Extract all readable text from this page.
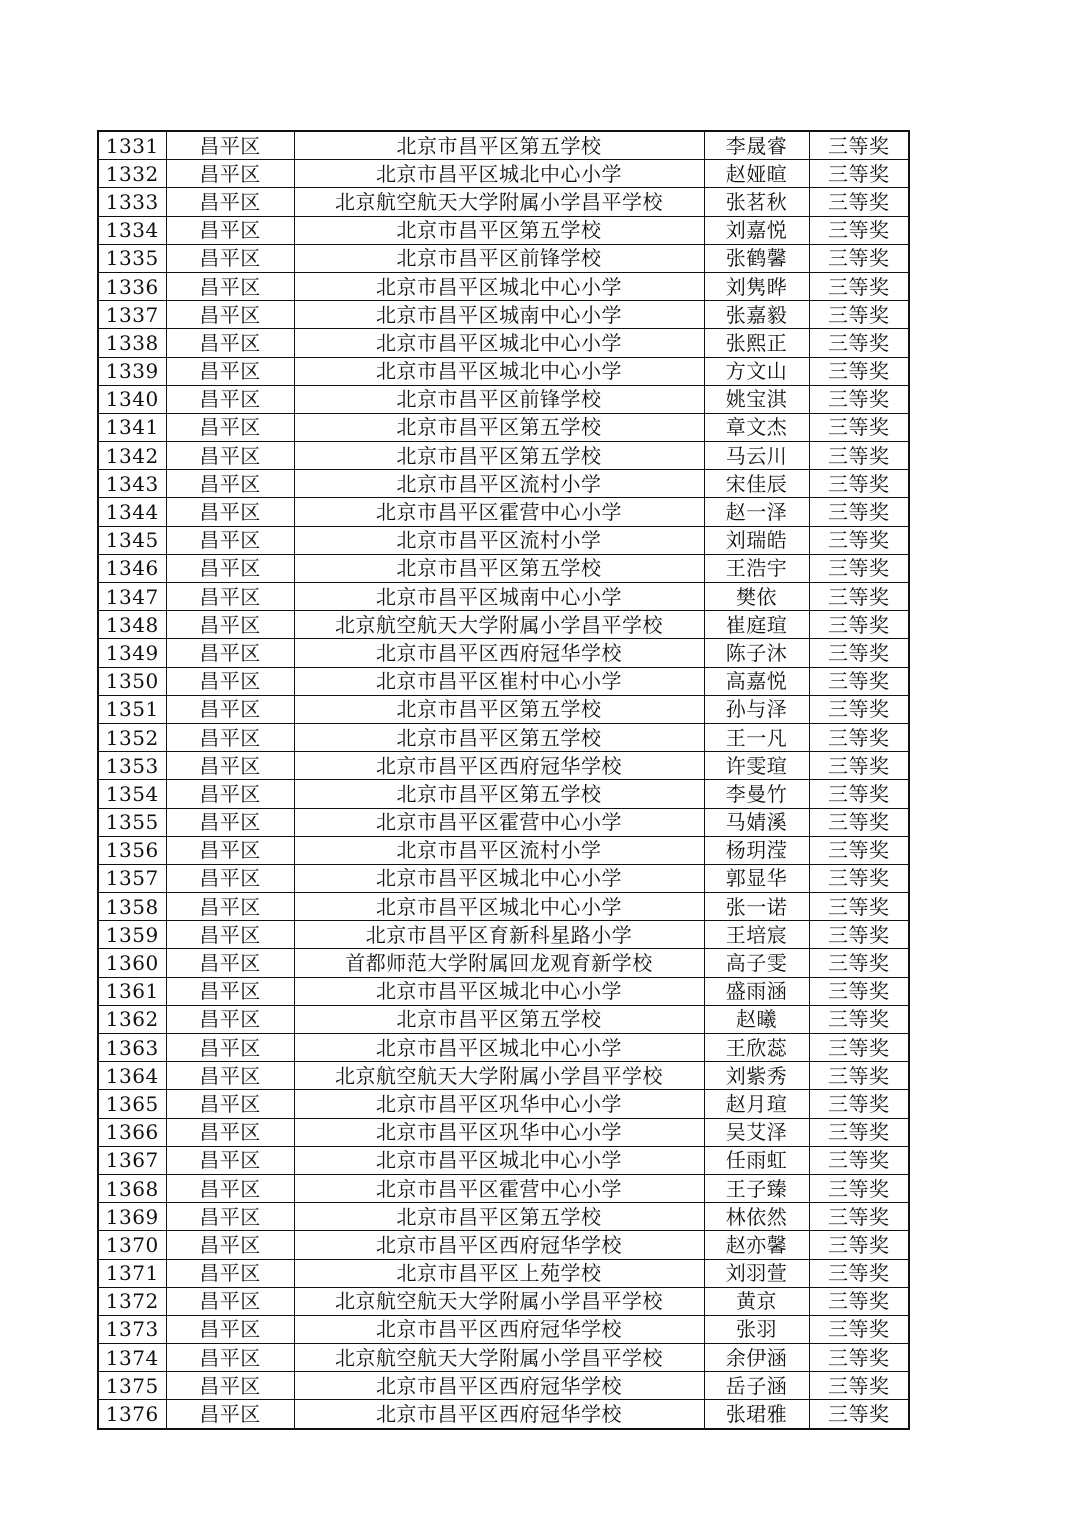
1331	昌平区	北京市昌平区第五学校	李晟睿	三等奖
1332	昌平区	北京市昌平区城北中心小学	赵娅暄	三等奖
1333	昌平区	北京航空航天大学附属小学昌平学校	张茗秋	三等奖
1334	昌平区	北京市昌平区第五学校	刘嘉悦	三等奖
1335	昌平区	北京市昌平区前锋学校	张鹤馨	三等奖
1336	昌平区	北京市昌平区城北中心小学	刘隽晔	三等奖
1337	昌平区	北京市昌平区城南中心小学	张嘉毅	三等奖
1338	昌平区	北京市昌平区城北中心小学	张熙正	三等奖
1339	昌平区	北京市昌平区城北中心小学	方文山	三等奖
1340	昌平区	北京市昌平区前锋学校	姚宝淇	三等奖
1341	昌平区	北京市昌平区第五学校	章文杰	三等奖
1342	昌平区	北京市昌平区第五学校	马云川	三等奖
1343	昌平区	北京市昌平区流村小学	宋佳辰	三等奖
1344	昌平区	北京市昌平区霍营中心小学	赵一泽	三等奖
1345	昌平区	北京市昌平区流村小学	刘瑞皓	三等奖
1346	昌平区	北京市昌平区第五学校	王浩宇	三等奖
1347	昌平区	北京市昌平区城南中心小学	樊依	三等奖
1348	昌平区	北京航空航天大学附属小学昌平学校	崔庭瑄	三等奖
1349	昌平区	北京市昌平区西府冠华学校	陈子沐	三等奖
1350	昌平区	北京市昌平区崔村中心小学	高嘉悦	三等奖
1351	昌平区	北京市昌平区第五学校	孙与泽	三等奖
1352	昌平区	北京市昌平区第五学校	王一凡	三等奖
1353	昌平区	北京市昌平区西府冠华学校	许雯瑄	三等奖
1354	昌平区	北京市昌平区第五学校	李曼竹	三等奖
1355	昌平区	北京市昌平区霍营中心小学	马婧溪	三等奖
1356	昌平区	北京市昌平区流村小学	杨玥滢	三等奖
1357	昌平区	北京市昌平区城北中心小学	郭显华	三等奖
1358	昌平区	北京市昌平区城北中心小学	张一诺	三等奖
1359	昌平区	北京市昌平区育新科星路小学	王培宸	三等奖
1360	昌平区	首都师范大学附属回龙观育新学校	高子雯	三等奖
1361	昌平区	北京市昌平区城北中心小学	盛雨涵	三等奖
1362	昌平区	北京市昌平区第五学校	赵曦	三等奖
1363	昌平区	北京市昌平区城北中心小学	王欣蕊	三等奖
1364	昌平区	北京航空航天大学附属小学昌平学校	刘紫秀	三等奖
1365	昌平区	北京市昌平区巩华中心小学	赵月瑄	三等奖
1366	昌平区	北京市昌平区巩华中心小学	吴艾泽	三等奖
1367	昌平区	北京市昌平区城北中心小学	任雨虹	三等奖
1368	昌平区	北京市昌平区霍营中心小学	王子臻	三等奖
1369	昌平区	北京市昌平区第五学校	林依然	三等奖
1370	昌平区	北京市昌平区西府冠华学校	赵亦馨	三等奖
1371	昌平区	北京市昌平区上苑学校	刘羽萱	三等奖
1372	昌平区	北京航空航天大学附属小学昌平学校	黄京	三等奖
1373	昌平区	北京市昌平区西府冠华学校	张羽	三等奖
1374	昌平区	北京航空航天大学附属小学昌平学校	余伊涵	三等奖
1375	昌平区	北京市昌平区西府冠华学校	岳子涵	三等奖
1376	昌平区	北京市昌平区西府冠华学校	张珺雅	三等奖
